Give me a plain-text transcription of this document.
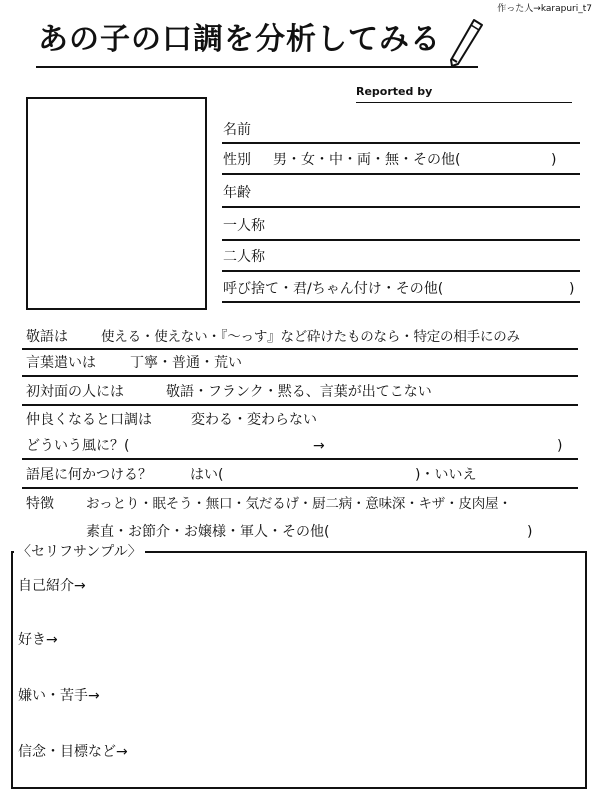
あの子の口調を分析してみる
作った人→karapuri_t7
Reported by
名前
性別 男・女・中・両・無・その他(	)
年齢
一人称
二人称
呼び捨て・君/ちゃん付け・その他(	)
敬語は 使える・使えない・『〜っす』など砕けたものなら・特定の相手にのみ
言葉遣いは 丁寧・普通・荒い
初対面の人には	敬語・フランク・黙る、言葉が出てこない
仲良くなると口調は	変わる・変わらない
どういう風に？(	→	)
語尾に何かつける？	はい(	)・いいえ
特徴 おっとり・眠そう・無口・気だるげ・厨二病・意味深・キザ・皮肉屋・
素直・お節介・お嬢様・軍人・その他(	)
〈セリフサンプル〉
自己紹介→
好き→
嫌い・苦手→
信念・目標など→
